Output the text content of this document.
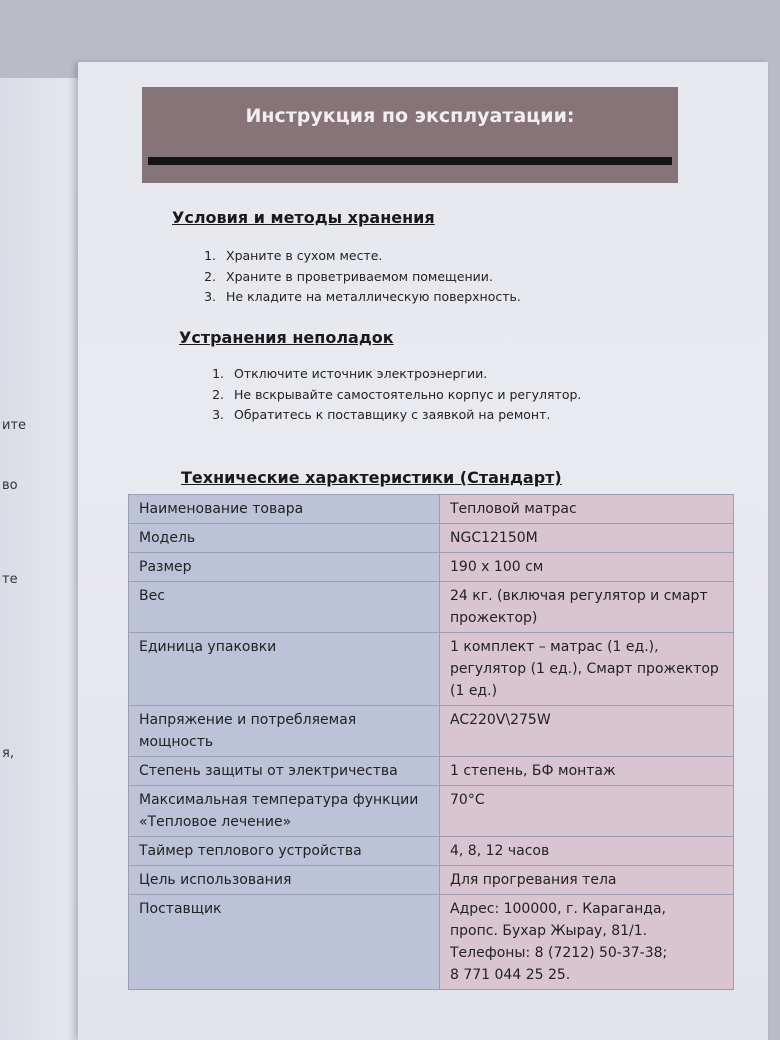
ите
во
те
я,
Инструкция по эксплуатации:
Условия и методы хранения
1. Храните в сухом месте.
2. Храните в проветриваемом помещении.
3. Не кладите на металлическую поверхность.
Устранения неполадок
1. Отключите источник электроэнергии.
2. Не вскрывайте самостоятельно корпус и регулятор.
3. Обратитесь к поставщику с заявкой на ремонт.
Технические характеристики (Стандарт)
Наименование товара	Тепловой матрас
Модель	NGC12150M
Размер	190 x 100 см
Вес	24 кг. (включая регулятор и смарт прожектор)
Единица упаковки	1 комплект – матрас (1 ед.), регулятор (1 ед.), Смарт прожектор (1 ед.)
Напряжение и потребляемая мощность	AC220V\275W
Степень защиты от электричества	1 степень, БФ монтаж
Максимальная температура функции «Тепловое лечение»	70°C
Таймер теплового устройства	4, 8, 12 часов
Цель использования	Для прогревания тела
Поставщик	Адрес: 100000, г. Караганда,
пропс. Бухар Жырау, 81/1.
Телефоны: 8 (7212) 50-37-38;
8 771 044 25 25.
